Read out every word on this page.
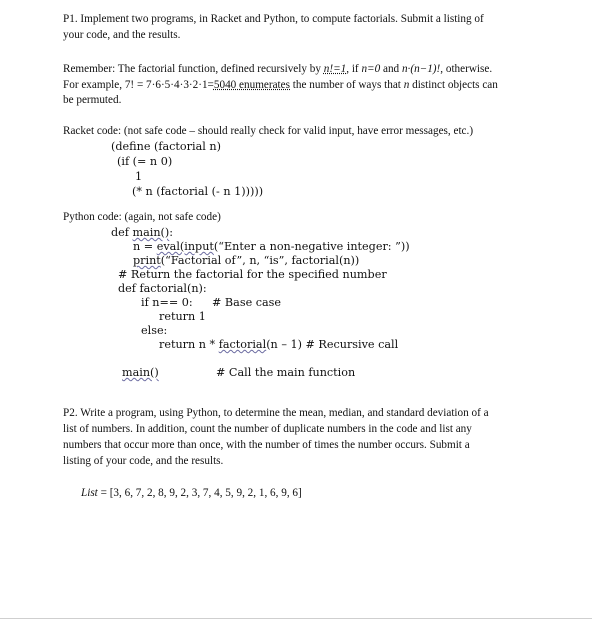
P1. Implement two programs, in Racket and Python, to compute factorials. Submit a listing of
your code, and the results.
Remember: The factorial function, defined recursively by n!=1, if n=0 and n·(n−1)!, otherwise.
For example, 7! = 7·6·5·4·3·2·1=5040 enumerates the number of ways that n distinct objects can
be permuted.
Racket code: (not safe code – should really check for valid input, have error messages, etc.)
(define (factorial n)
(if (= n 0)
1
(* n (factorial (- n 1)))))
Python code: (again, not safe code)
def main():
n = eval(input(“Enter a non-negative integer: ”))
print(“Factorial of”, n, “is”, factorial(n))
# Return the factorial for the specified number
def factorial(n):
if n== 0: # Base case
return 1
else:
return n * factorial(n – 1) # Recursive call
main()	# Call the main function
P2. Write a program, using Python, to determine the mean, median, and standard deviation of a
list of numbers. In addition, count the number of duplicate numbers in the code and list any
numbers that occur more than once, with the number of times the number occurs. Submit a
listing of your code, and the results.
List = [3, 6, 7, 2, 8, 9, 2, 3, 7, 4, 5, 9, 2, 1, 6, 9, 6]
